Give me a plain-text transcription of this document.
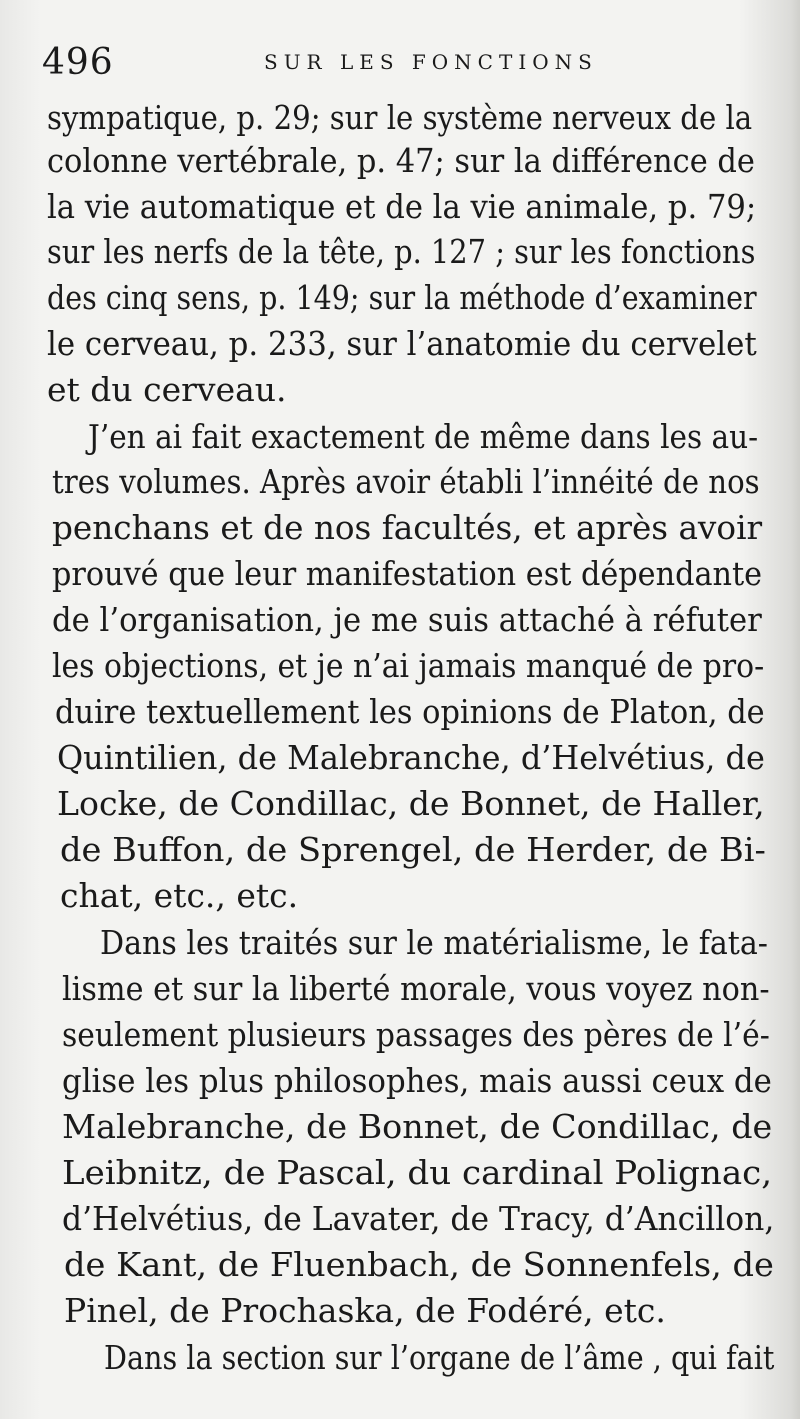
496	SUR LES FONCTIONS
sympatique, p. 29; sur le système nerveux de la
colonne vertébrale, p. 47; sur la différence de
la vie automatique et de la vie animale, p. 79;
sur les nerfs de la tête, p. 127 ; sur les fonctions
des cinq sens, p. 149; sur la méthode d’examiner
le cerveau, p. 233, sur l’anatomie du cervelet
et du cerveau.
J’en ai fait exactement de même dans les au-
tres volumes. Après avoir établi l’innéité de nos
penchans et de nos facultés, et après avoir
prouvé que leur manifestation est dépendante
de l’organisation, je me suis attaché à réfuter
les objections, et je n’ai jamais manqué de pro-
duire textuellement les opinions de Platon, de
Quintilien, de Malebranche, d’Helvétius, de
Locke, de Condillac, de Bonnet, de Haller,
de Buffon, de Sprengel, de Herder, de Bi-
chat, etc., etc.
Dans les traités sur le matérialisme, le fata-
lisme et sur la liberté morale, vous voyez non-
seulement plusieurs passages des pères de l’é-
glise les plus philosophes, mais aussi ceux de
Malebranche, de Bonnet, de Condillac, de
Leibnitz, de Pascal, du cardinal Polignac,
d’Helvétius, de Lavater, de Tracy, d’Ancillon,
de Kant, de Fluenbach, de Sonnenfels, de
Pinel, de Prochaska, de Fodéré, etc.
Dans la section sur l’organe de l’âme , qui fait
